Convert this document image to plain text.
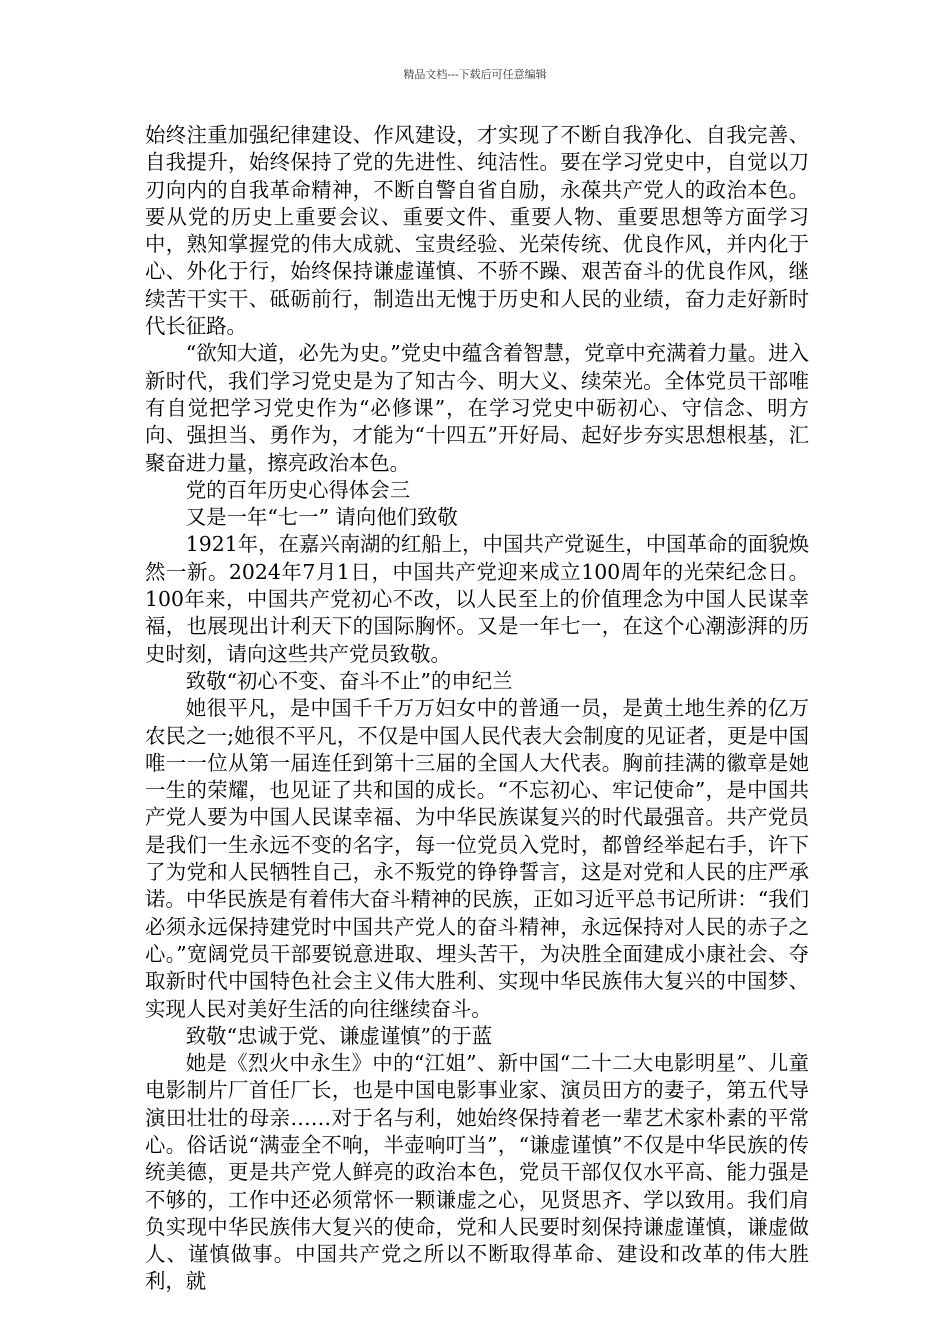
精品文档---下载后可任意编辑

始终注重加强纪律建设、作风建设，才实现了不断自我净化、自我完善、自我提升，始终保持了党的先进性、纯洁性。要在学习党史中，自觉以刀刃向内的自我革命精神，不断自警自省自励，永葆共产党人的政治本色。要从党的历史上重要会议、重要文件、重要人物、重要思想等方面学习中，熟知掌握党的伟大成就、宝贵经验、光荣传统、优良作风，并内化于心、外化于行，始终保持谦虚谨慎、不骄不躁、艰苦奋斗的优良作风，继续苦干实干、砥砺前行，制造出无愧于历史和人民的业绩，奋力走好新时代长征路。

“欲知大道，必先为史。”党史中蕴含着智慧，党章中充满着力量。进入新时代，我们学习党史是为了知古今、明大义、续荣光。全体党员干部唯有自觉把学习党史作为“必修课”，在学习党史中砺初心、守信念、明方向、强担当、勇作为，才能为“十四五”开好局、起好步夯实思想根基，汇聚奋进力量，擦亮政治本色。

党的百年历史心得体会三

又是一年“七一” 请向他们致敬

1921年，在嘉兴南湖的红船上，中国共产党诞生，中国革命的面貌焕然一新。2024年7月1日，中国共产党迎来成立100周年的光荣纪念日。100年来，中国共产党初心不改，以人民至上的价值理念为中国人民谋幸福，也展现出计利天下的国际胸怀。又是一年七一，在这个心潮澎湃的历史时刻，请向这些共产党员致敬。

致敬“初心不变、奋斗不止”的申纪兰

她很平凡，是中国千千万万妇女中的普通一员，是黄土地生养的亿万农民之一;她很不平凡，不仅是中国人民代表大会制度的见证者，更是中国唯一一位从第一届连任到第十三届的全国人大代表。胸前挂满的徽章是她一生的荣耀，也见证了共和国的成长。“不忘初心、牢记使命”，是中国共产党人要为中国人民谋幸福、为中华民族谋复兴的时代最强音。共产党员是我们一生永远不变的名字，每一位党员入党时，都曾经举起右手，许下了为党和人民牺牲自己，永不叛党的铮铮誓言，这是对党和人民的庄严承诺。中华民族是有着伟大奋斗精神的民族，正如习近平总书记所讲：“我们必须永远保持建党时中国共产党人的奋斗精神，永远保持对人民的赤子之心。”宽阔党员干部要锐意进取、埋头苦干，为决胜全面建成小康社会、夺取新时代中国特色社会主义伟大胜利、实现中华民族伟大复兴的中国梦、实现人民对美好生活的向往继续奋斗。

致敬“忠诚于党、谦虚谨慎”的于蓝

她是《烈火中永生》中的“江姐”、新中国“二十二大电影明星”、儿童电影制片厂首任厂长，也是中国电影事业家、演员田方的妻子，第五代导演田壮壮的母亲……对于名与利，她始终保持着老一辈艺术家朴素的平常心。俗话说“满壶全不响，半壶响叮当”，“谦虚谨慎”不仅是中华民族的传统美德，更是共产党人鲜亮的政治本色，党员干部仅仅水平高、能力强是不够的，工作中还必须常怀一颗谦虚之心，见贤思齐、学以致用。我们肩负实现中华民族伟大复兴的使命，党和人民要时刻保持谦虚谨慎，谦虚做人、谨慎做事。中国共产党之所以不断取得革命、建设和改革的伟大胜利，就
